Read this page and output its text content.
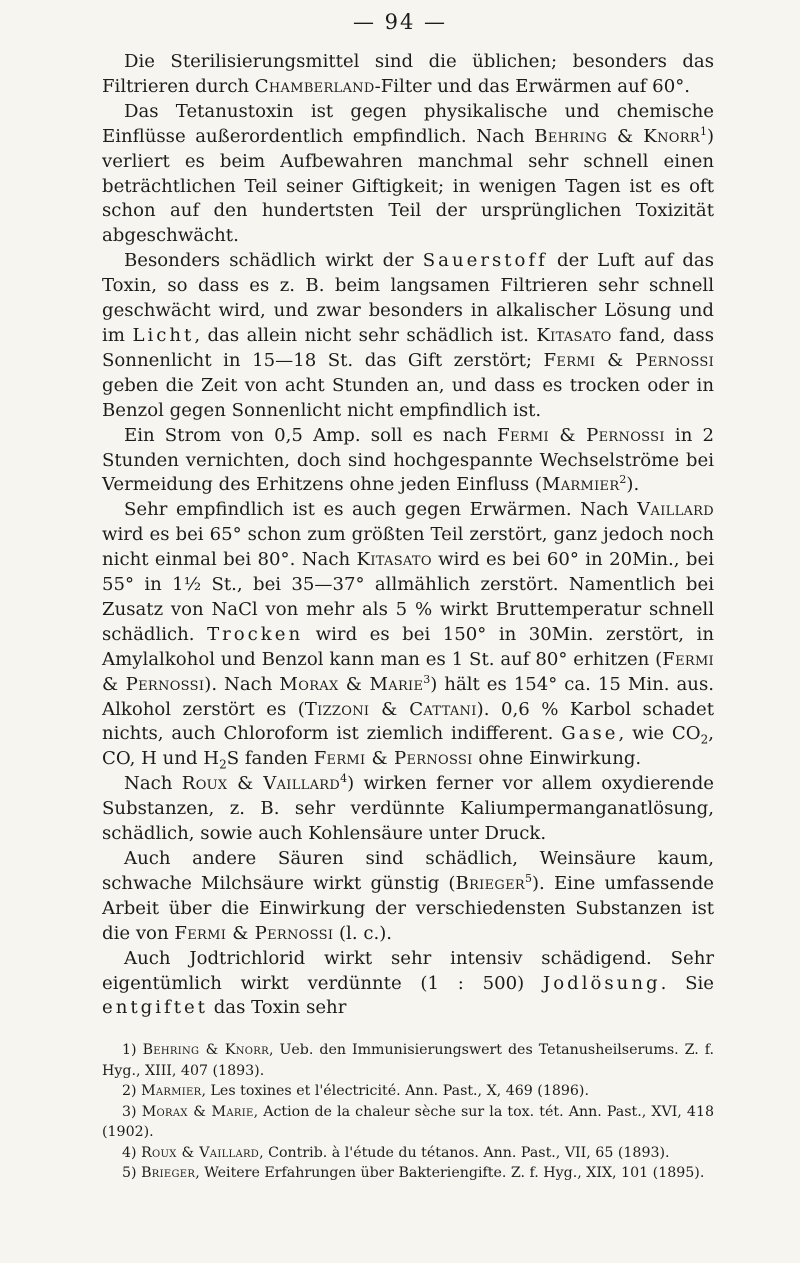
— 94 —

Die Sterilisierungsmittel sind die üblichen; besonders das Filtrieren durch Chamberland-Filter und das Erwärmen auf 60°.

Das Tetanustoxin ist gegen physikalische und chemische Einflüsse außerordentlich empfindlich. Nach Behring & Knorr$^1$) verliert es beim Aufbewahren manchmal sehr schnell einen beträchtlichen Teil seiner Giftigkeit; in wenigen Tagen ist es oft schon auf den hundertsten Teil der ursprünglichen Toxizität abgeschwächt.

Besonders schädlich wirkt der Sauerstoff der Luft auf das Toxin, so dass es z. B. beim langsamen Filtrieren sehr schnell geschwächt wird, und zwar besonders in alkalischer Lösung und im Licht, das allein nicht sehr schädlich ist. Kitasato fand, dass Sonnenlicht in 15—18 St. das Gift zerstört; Fermi & Pernossi geben die Zeit von acht Stunden an, und dass es trocken oder in Benzol gegen Sonnenlicht nicht empfindlich ist.

Ein Strom von 0,5 Amp. soll es nach Fermi & Pernossi in 2 Stunden vernichten, doch sind hochgespannte Wechselströme bei Vermeidung des Erhitzens ohne jeden Einfluss (Marmier$^2$).

Sehr empfindlich ist es auch gegen Erwärmen. Nach Vaillard wird es bei 65° schon zum größten Teil zerstört, ganz jedoch noch nicht einmal bei 80°. Nach Kitasato wird es bei 60° in 20Min., bei 55° in 1½ St., bei 35—37° allmählich zerstört. Namentlich bei Zusatz von NaCl von mehr als 5 % wirkt Bruttemperatur schnell schädlich. Trocken wird es bei 150° in 30Min. zerstört, in Amylalkohol und Benzol kann man es 1 St. auf 80° erhitzen (Fermi & Pernossi). Nach Morax & Marie$^3$) hält es 154° ca. 15 Min. aus. Alkohol zerstört es (Tizzoni & Cattani). 0,6 % Karbol schadet nichts, auch Chloroform ist ziemlich indifferent. Gase, wie $CO_2$, CO, H und $H_2S$ fanden Fermi & Pernossi ohne Einwirkung.

Nach Roux & Vaillard$^4$) wirken ferner vor allem oxydierende Substanzen, z. B. sehr verdünnte Kaliumpermanganatlösung, schädlich, sowie auch Kohlensäure unter Druck.

Auch andere Säuren sind schädlich, Weinsäure kaum, schwache Milchsäure wirkt günstig (Brieger$^5$). Eine umfassende Arbeit über die Einwirkung der verschiedensten Substanzen ist die von Fermi & Pernossi (l. c.).

Auch Jodtrichlorid wirkt sehr intensiv schädigend. Sehr eigentümlich wirkt verdünnte (1 : 500) Jodlösung. Sie entgiftet das Toxin sehr

1) Behring & Knorr, Ueb. den Immunisierungswert des Tetanusheilserums. Z. f. Hyg., XIII, 407 (1893).

2) Marmier, Les toxines et l'électricité. Ann. Past., X, 469 (1896).

3) Morax & Marie, Action de la chaleur sèche sur la tox. tét. Ann. Past., XVI, 418 (1902).

4) Roux & Vaillard, Contrib. à l'étude du tétanos. Ann. Past., VII, 65 (1893).

5) Brieger, Weitere Erfahrungen über Bakteriengifte. Z. f. Hyg., XIX, 101 (1895).
